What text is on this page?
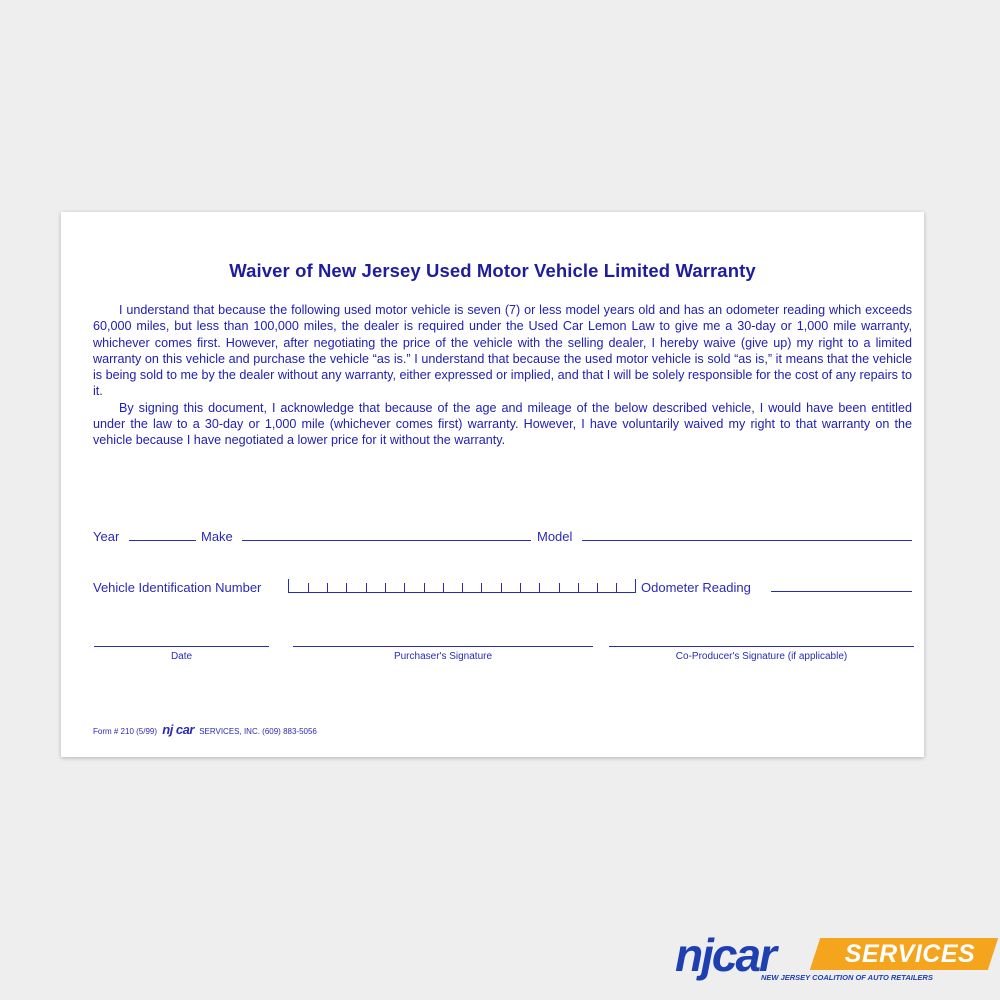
Waiver of New Jersey Used Motor Vehicle Limited Warranty

I understand that because the following used motor vehicle is seven (7) or less model years old and has an odometer reading which exceeds 60,000 miles, but less than 100,000 miles, the dealer is required under the Used Car Lemon Law to give me a 30-day or 1,000 mile warranty, whichever comes first. However, after negotiating the price of the vehicle with the selling dealer, I hereby waive (give up) my right to a limited warranty on this vehicle and purchase the vehicle “as is.” I understand that because the used motor vehicle is sold “as is,” it means that the vehicle is being sold to me by the dealer without any warranty, either expressed or implied, and that I will be solely responsible for the cost of any repairs to it.

By signing this document, I acknowledge that because of the age and mileage of the below described vehicle, I would have been entitled under the law to a 30-day or 1,000 mile (whichever comes first) warranty. However, I have voluntarily waived my right to that warranty on the vehicle because I have negotiated a lower price for it without the warranty.

Year	Make	Model
Vehicle Identification Number	Odometer Reading
Date	Purchaser's Signature	Co-Producer's Signature (if applicable)
Form # 210 (5/99) nj car SERVICES, INC. (609) 883-5056
njcar	SERVICES
NEW JERSEY COALITION OF AUTO RETAILERS
